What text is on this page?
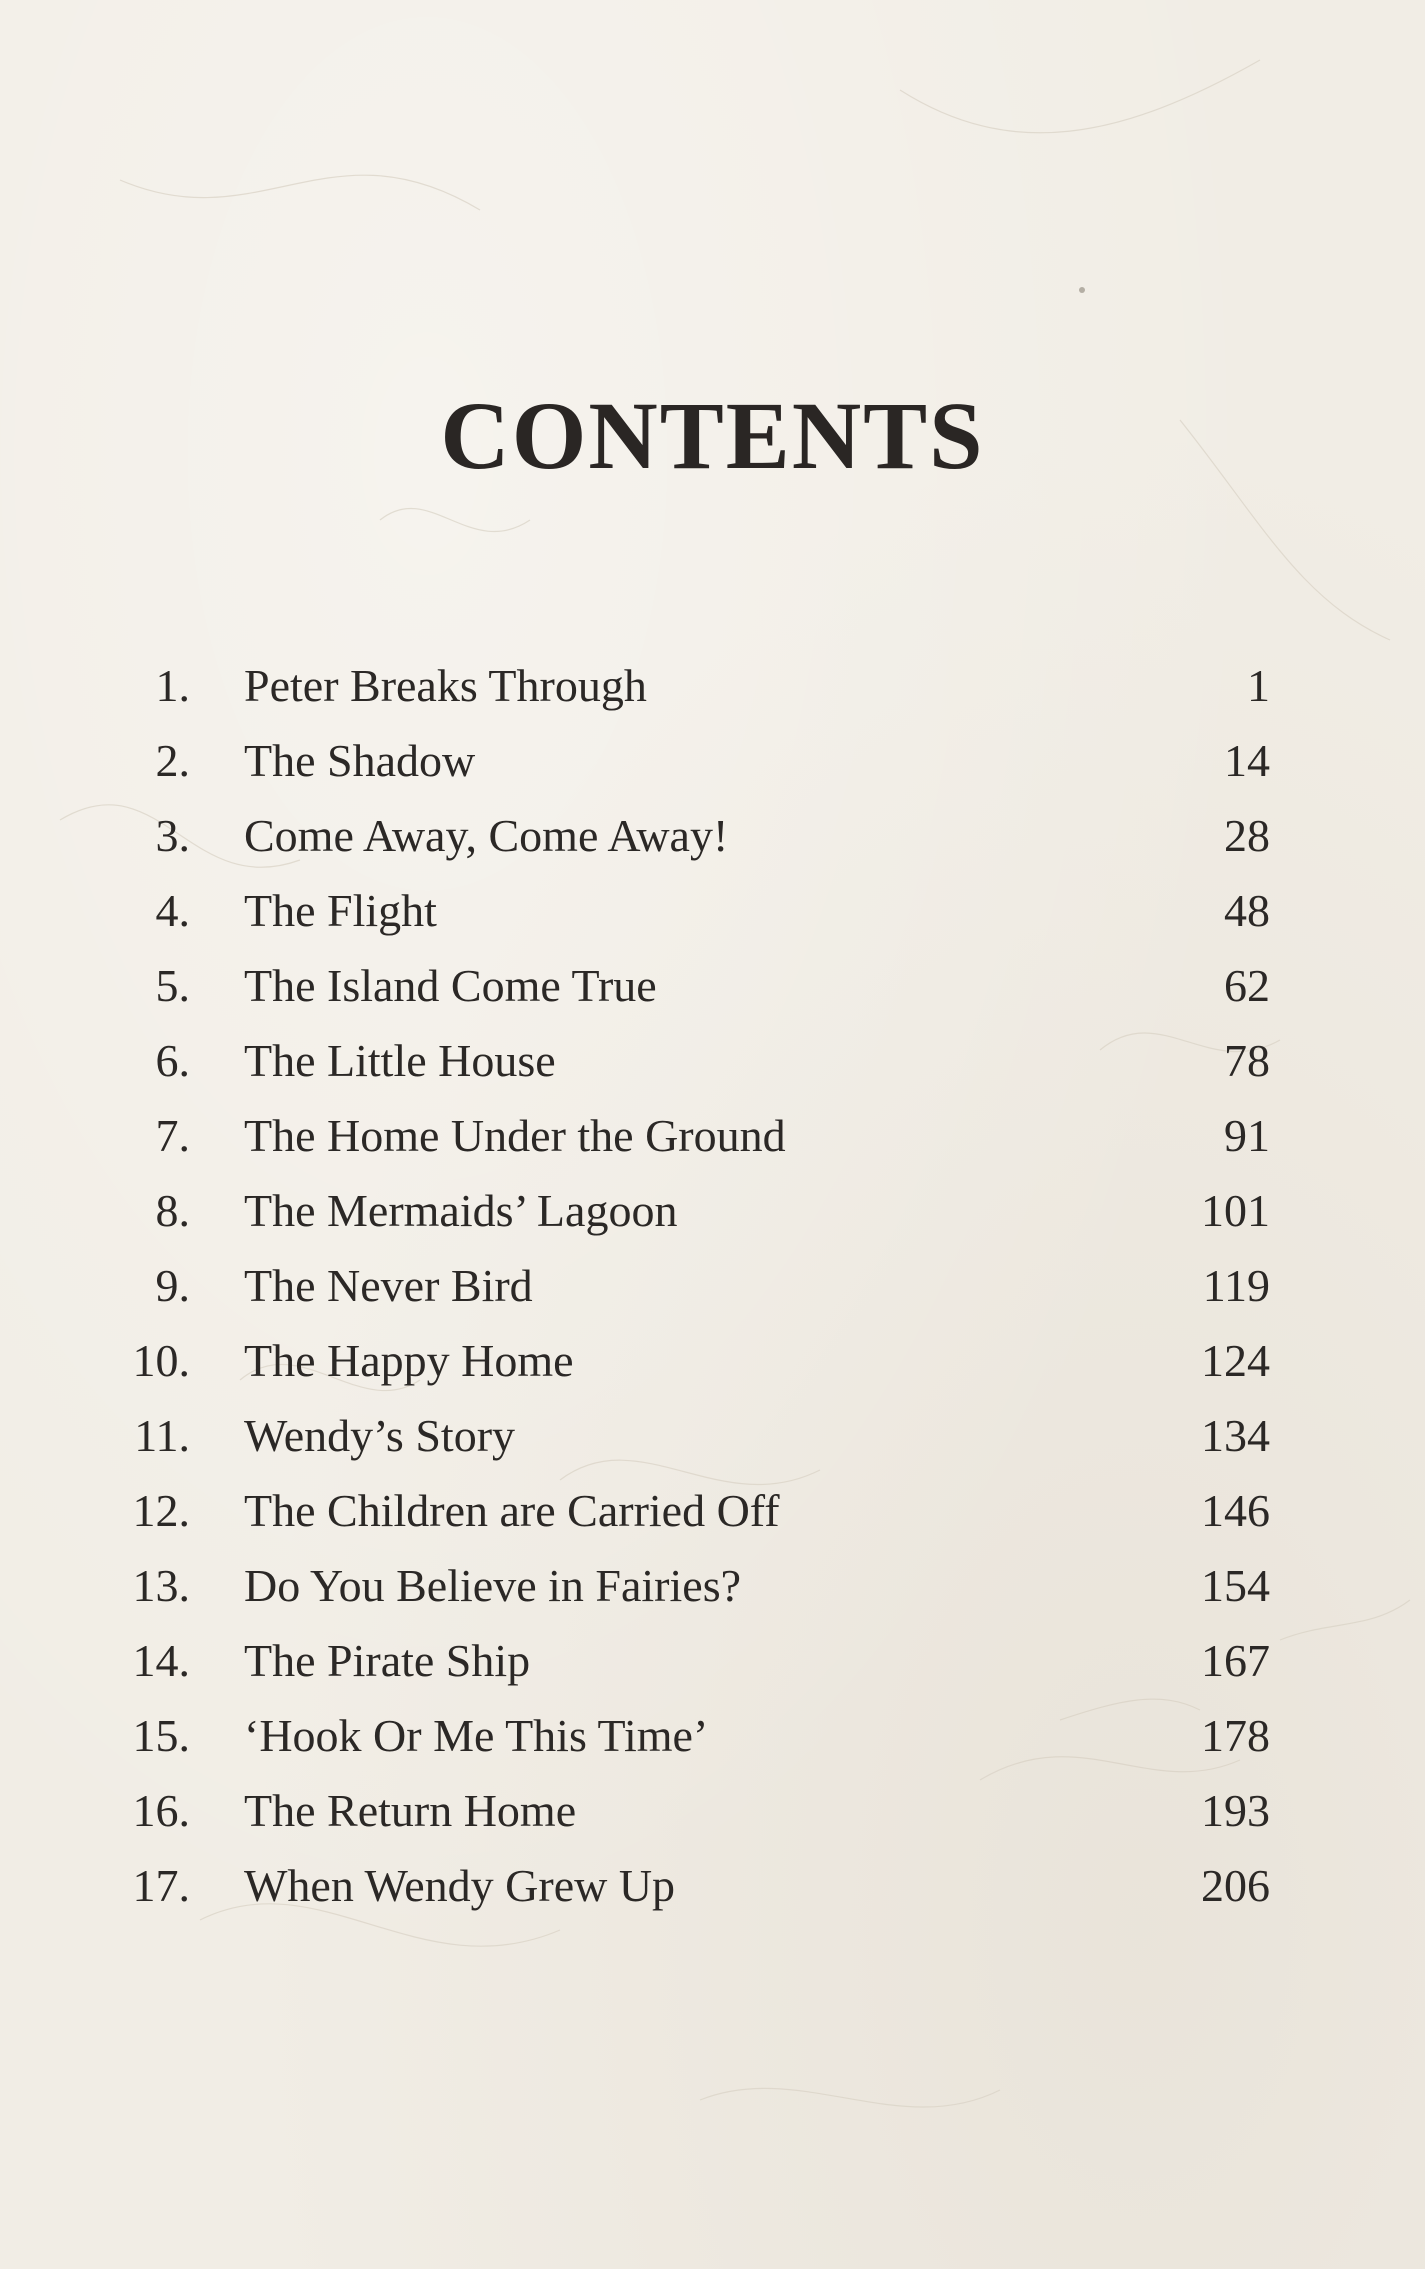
CONTENTS
1. Peter Breaks Through	1
2. The Shadow	14
3. Come Away, Come Away!	28
4. The Flight	48
5. The Island Come True	62
6. The Little House	78
7. The Home Under the Ground	91
8. The Mermaids’ Lagoon	101
9. The Never Bird	119
10. The Happy Home	124
11. Wendy’s Story	134
12. The Children are Carried Off	146
13. Do You Believe in Fairies?	154
14. The Pirate Ship	167
15. ‘Hook Or Me This Time’	178
16. The Return Home	193
17. When Wendy Grew Up	206
